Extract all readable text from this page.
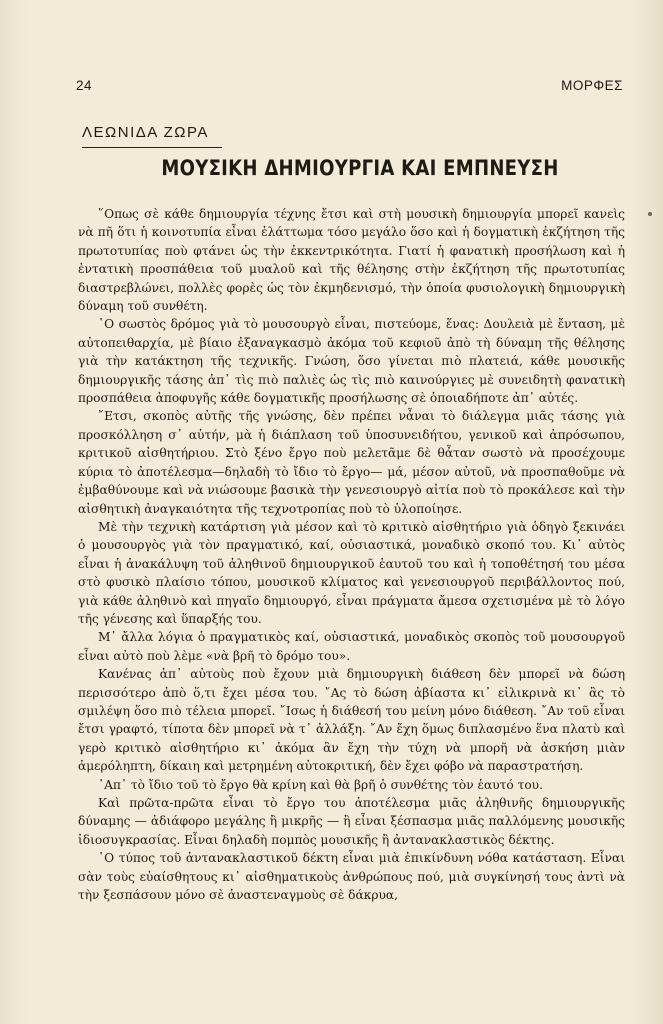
24	ΜΟΡΦΕΣ
ΛΕΩΝΙΔΑ ΖΩΡΑ
ΜΟΥΣΙΚΗ ΔΗΜΙΟΥΡΓΙΑ ΚΑΙ ΕΜΠΝΕΥΣΗ

῞Οπως σὲ κάθε δημιουργία τέχνης ἔτσι καὶ στὴ μουσικὴ δημιουργία μπορεῖ κανεὶς νὰ πῆ ὅτι ἡ κοινοτυπία εἶναι ἐλάττωμα τόσο μεγάλο ὅσο καὶ ἡ δογματικὴ ἐκζήτηση τῆς πρωτοτυπίας ποὺ φτάνει ὡς τὴν ἐκκεντρικότητα. Γιατί ἡ φανατικὴ προσήλωση καὶ ἡ ἐντατικὴ προσπάθεια τοῦ μυαλοῦ καὶ τῆς θέλησης στὴν ἐκζήτηση τῆς πρωτοτυπίας διαστρεβλώνει, πολλὲς φορὲς ὡς τὸν ἐκμηδενισμό, τὴν ὁποία φυσιολογικὴ δημιουργικὴ δύναμη τοῦ συνθέτη.

῾Ο σωστὸς δρόμος γιὰ τὸ μουσουργὸ εἶναι, πιστεύομε, ἕνας: Δουλειὰ μὲ ἔνταση, μὲ αὐτοπειθαρχία, μὲ βίαιο ἐξαναγκασμὸ ἀκόμα τοῦ κεφιοῦ ἀπὸ τὴ δύναμη τῆς θέλησης γιὰ τὴν κατάκτηση τῆς τεχνικῆς. Γνώση, ὅσο γίνεται πιὸ πλατειά, κάθε μουσικῆς δημιουργικῆς τάσης ἀπ᾿ τὶς πιὸ παλιὲς ὡς τὶς πιὸ καινούργιες μὲ συνειδητὴ φανατικὴ προσπάθεια ἀποφυγῆς κάθε δογματικῆς προσήλωσης σὲ ὁποιαδήποτε ἀπ᾿ αὐτές.

῎Ετσι, σκοπὸς αὐτῆς τῆς γνώσης, δὲν πρέπει νἆναι τὸ διάλεγμα μιᾶς τάσης γιὰ προσκόλληση σ᾿ αὐτήν, μὰ ἡ διάπλαση τοῦ ὑποσυνειδήτου, γενικοῦ καὶ ἀπρόσωπου, κριτικοῦ αἰσθητήριου. Στὸ ξένο ἔργο ποὺ μελετᾶμε δὲ θἆταν σωστὸ νὰ προσέχουμε κύρια τὸ ἀποτέλεσμα—δηλαδὴ τὸ ἴδιο τὸ ἔργο— μά, μέσον αὐτοῦ, νὰ προσπαθοῦμε νὰ ἐμβαθύνουμε καὶ νὰ νιώσουμε βασικὰ τὴν γενεσιουργὸ αἰτία ποὺ τὸ προκάλεσε καὶ τὴν αἰσθητικὴ ἀναγκαιότητα τῆς τεχνοτροπίας ποὺ τὸ ὑλοποίησε.

Μὲ τὴν τεχνικὴ κατάρτιση γιὰ μέσον καὶ τὸ κριτικὸ αἰσθητήριο γιὰ ὁδηγὸ ξεκινάει ὁ μουσουργὸς γιὰ τὸν πραγματικό, καί, οὐσιαστικά, μοναδικὸ σκοπό του. Κι᾿ αὐτὸς εἶναι ἡ ἀνακάλυψη τοῦ ἀληθινοῦ δημιουργικοῦ ἑαυτοῦ του καὶ ἡ τοποθέτησή του μέσα στὸ φυσικὸ πλαίσιο τόπου, μουσικοῦ κλίματος καὶ γενεσιουργοῦ περιβάλλοντος πού, γιὰ κάθε ἀληθινὸ καὶ πηγαῖο δημιουργό, εἶναι πράγματα ἄμεσα σχετισμένα μὲ τὸ λόγο τῆς γένεσης καὶ ὕπαρξής του.

Μ᾿ ἄλλα λόγια ὁ πραγματικὸς καί, οὐσιαστικά, μοναδικὸς σκοπὸς τοῦ μουσουργοῦ εἶναι αὐτὸ ποὺ λὲμε «νὰ βρῆ τὸ δρόμο του».

Κανένας ἀπ᾿ αὐτοὺς ποὺ ἔχουν μιὰ δημιουργικὴ διάθεση δὲν μπορεῖ νὰ δώση περισσότερο ἀπὸ ὅ,τι ἔχει μέσα του. ῎Ας τὸ δώση ἀβίαστα κι᾿ εἰλικρινὰ κι᾿ ἂς τὸ σμιλέψη ὅσο πιὸ τέλεια μπορεῖ. ῎Ισως ἡ διάθεσή του μείνη μόνο διάθεση. ῎Αν τοῦ εἶναι ἔτσι γραφτό, τίποτα δὲν μπορεῖ νὰ τ᾿ ἀλλάξη. ῎Αν ἔχη ὅμως διπλασμένο ἕνα πλατὺ καὶ γερὸ κριτικὸ αἰσθητήριο κι᾿ ἀκόμα ἂν ἔχη τὴν τύχη νὰ μπορῆ νὰ ἀσκήση μιὰν ἀμερόληπτη, δίκαιη καὶ μετρημένη αὐτοκριτική, δὲν ἔχει φόβο νὰ παραστρατήση.

᾿Απ᾿ τὸ ἴδιο τοῦ τὸ ἔργο θὰ κρίνη καὶ θὰ βρῆ ὁ συνθέτης τὸν ἑαυτό του.

Καὶ πρῶτα-πρῶτα εἶναι τὸ ἔργο του ἀποτέλεσμα μιᾶς ἀληθινῆς δημιουργικῆς δύναμης — ἀδιάφορο μεγάλης ἢ μικρῆς — ἢ εἶναι ξέσπασμα μιᾶς παλλόμενης μουσικῆς ἰδιοσυγκρασίας. Εἶναι δηλαδὴ πομπὸς μουσικῆς ἢ ἀντανακλαστικὸς δέκτης.

῾Ο τύπος τοῦ ἀντανακλαστικοῦ δέκτη εἶναι μιὰ ἐπικίνδυνη νόθα κατάσταση. Εἶναι σὰν τοὺς εὐαίσθητους κι᾿ αἰσθηματικοὺς ἀνθρώπους πού, μιὰ συγκίνησή τους ἀντὶ νὰ τὴν ξεσπάσουν μόνο σὲ ἀναστεναγμοὺς σὲ δάκρυα,
